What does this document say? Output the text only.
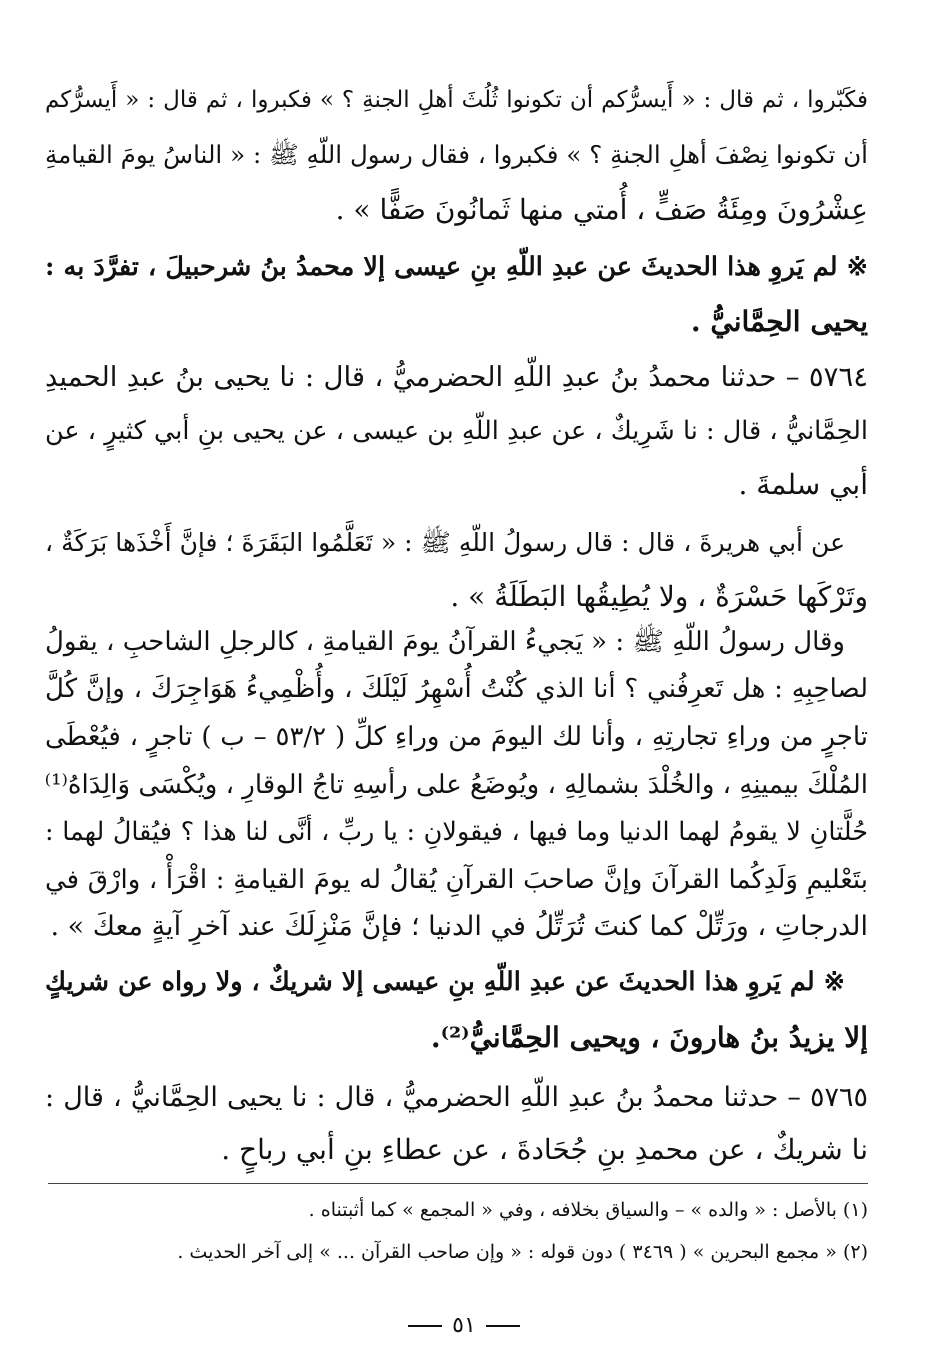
فكَبّروا ، ثم قال : « أَيسرُّكم أن تكونوا ثُلُثَ أهلِ الجنةِ ؟ » فكبروا ، ثم قال : « أَيسرُّكم
أن تكونوا نِصْفَ أهلِ الجنةِ ؟ » فكبروا ، فقال رسول اللّهِ ﷺ : « الناسُ يومَ القيامةِ
عِشْرُونَ ومِئَةُ صَفٍّ ، أُمتي منها ثَمانُونَ صَفًّا » .
※ لم يَروِ هذا الحديثَ عن عبدِ اللّهِ بنِ عيسى إلا محمدُ بنُ شرحبيلَ ، تفرَّدَ به :
يحيى الحِمَّانيُّ .
٥٧٦٤ – حدثنا محمدُ بنُ عبدِ اللّهِ الحضرميُّ ، قال : نا يحيى بنُ عبدِ الحميدِ
الحِمَّانيُّ ، قال : نا شَرِيكٌ ، عن عبدِ اللّهِ بن عيسى ، عن يحيى بنِ أبي كثيرٍ ، عن
أبي سلمةَ .
عن أبي هريرةَ ، قال : قال رسولُ اللّهِ ﷺ : « تَعَلَّمُوا البَقَرَةَ ؛ فإنَّ أَخْذَها بَرَكَةٌ ،
وتَرْكَها حَسْرَةٌ ، ولا يُطِيقُها البَطَلَةُ » .
وقال رسولُ اللّهِ ﷺ : « يَجيءُ القرآنُ يومَ القيامةِ ، كالرجلِ الشاحبِ ، يقولُ
لصاحِبِهِ : هل تَعرِفُني ؟ أنا الذي كُنْتُ أُسْهِرُ لَيْلَكَ ، وأُظْمِيءُ هَوَاجِرَكَ ، وإنَّ كُلَّ
تاجرٍ من وراءِ تجارتِهِ ، وأنا لك اليومَ من وراءِ كلِّ ( ٥٣/٢ – ب ) تاجرٍ ، فيُعْطَى
المُلْكَ بيمينِهِ ، والخُلْدَ بشمالِهِ ، ويُوضَعُ على رأسِهِ تاجُ الوقارِ ، ويُكْسَى وَالِدَاهُ⁽¹⁾
حُلَّتانِ لا يقومُ لهما الدنيا وما فيها ، فيقولانِ : يا ربِّ ، أنَّى لنا هذا ؟ فيُقالُ لهما :
بتَعْليمِ وَلَدِكُما القرآنَ وإنَّ صاحبَ القرآنِ يُقالُ له يومَ القيامةِ : اقْرَأْ ، وارْقَ في
الدرجاتِ ، ورَتِّلْ كما كنتَ تُرَتِّلُ في الدنيا ؛ فإنَّ مَنْزِلَكَ عند آخرِ آيةٍ معكَ » .
※ لم يَروِ هذا الحديثَ عن عبدِ اللّهِ بنِ عيسى إلا شريكٌ ، ولا رواه عن شريكٍ
إلا يزيدُ بنُ هارونَ ، ويحيى الحِمَّانيُّ⁽²⁾.
٥٧٦٥ – حدثنا محمدُ بنُ عبدِ اللّهِ الحضرميُّ ، قال : نا يحيى الحِمَّانيُّ ، قال :
نا شريكٌ ، عن محمدِ بنِ جُحَادةَ ، عن عطاءِ بنِ أبي رباحٍ .
(١) بالأصل : « والده » – والسياق بخلافه ، وفي « المجمع » كما أثبتناه .
(٢) « مجمع البحرين » ( ٣٤٦٩ ) دون قوله : « وإن صاحب القرآن ... » إلى آخر الحديث .
٥١
